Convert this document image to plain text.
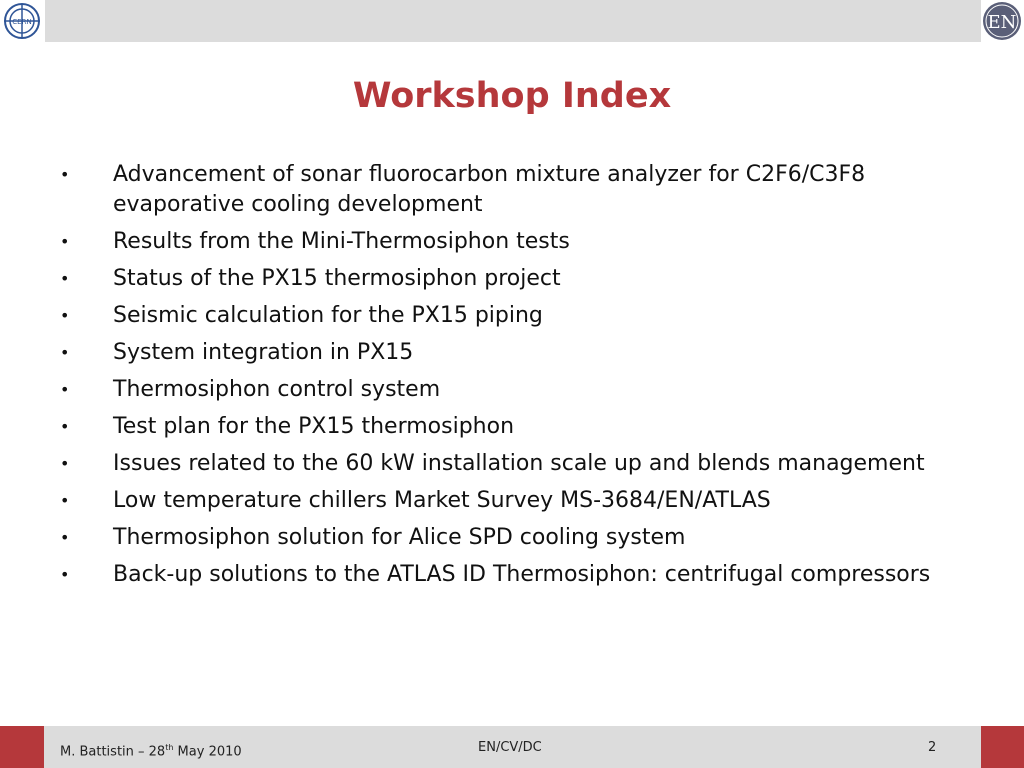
CERN	EN
Workshop Index
• Advancement of sonar fluorocarbon mixture analyzer for C2F6/C3F8 evaporative cooling development
• Results from the Mini-Thermosiphon tests
• Status of the PX15 thermosiphon project
• Seismic calculation for the PX15 piping
• System integration in PX15
• Thermosiphon control system
• Test plan for the PX15 thermosiphon
• Issues related to the 60 kW installation scale up and blends management
• Low temperature chillers Market Survey MS-3684/EN/ATLAS
• Thermosiphon solution for Alice SPD cooling system
• Back-up solutions to the ATLAS ID Thermosiphon: centrifugal compressors
M. Battistin – 28th May 2010	EN/CV/DC	2
